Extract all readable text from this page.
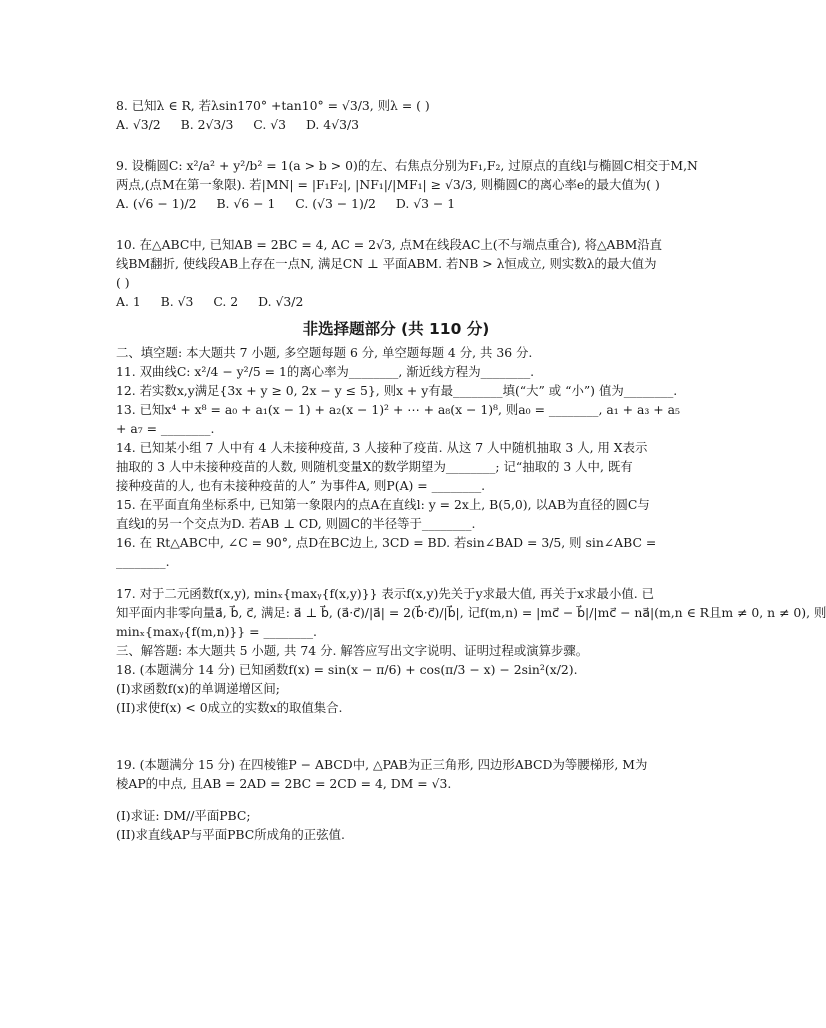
8. 已知λ ∈ R, 若λsin170° +tan10° = √3/3, 则λ = ( )
A. √3/2 B. 2√3/3 C. √3 D. 4√3/3
9. 设椭圆C: x²/a² + y²/b² = 1(a > b > 0)的左、右焦点分别为F₁,F₂, 过原点的直线l与椭圆C相交于M,N
两点,(点M在第一象限). 若|MN| = |F₁F₂|, |NF₁|/|MF₁| ≥ √3/3, 则椭圆C的离心率e的最大值为( )
A. (√6 − 1)/2 B. √6 − 1 C. (√3 − 1)/2 D. √3 − 1
10. 在△ABC中, 已知AB = 2BC = 4, AC = 2√3, 点M在线段AC上(不与端点重合), 将△ABM沿直
线BM翻折, 使线段AB上存在一点N, 满足CN ⊥ 平面ABM. 若NB > λ恒成立, 则实数λ的最大值为
( )
A. 1 B. √3 C. 2 D. √3/2
非选择题部分 (共 110 分)
二、填空题: 本大题共 7 小题, 多空题每题 6 分, 单空题每题 4 分, 共 36 分.
11. 双曲线C: x²/4 − y²/5 = 1的离心率为________, 渐近线方程为________.
12. 若实数x,y满足{3x + y ≥ 0, 2x − y ≤ 5}, 则x + y有最________填(“大” 或 “小”) 值为________.
13. 已知x⁴ + x⁸ = a₀ + a₁(x − 1) + a₂(x − 1)² + ⋯ + a₈(x − 1)⁸, 则a₀ = ________, a₁ + a₃ + a₅
+ a₇ = ________.
14. 已知某小组 7 人中有 4 人未接种疫苗, 3 人接种了疫苗. 从这 7 人中随机抽取 3 人, 用 X表示
抽取的 3 人中未接种疫苗的人数, 则随机变量X的数学期望为________; 记“抽取的 3 人中, 既有
接种疫苗的人, 也有未接种疫苗的人” 为事件A, 则P(A) = ________.
15. 在平面直角坐标系中, 已知第一象限内的点A在直线l: y = 2x上, B(5,0), 以AB为直径的圆C与
直线l的另一个交点为D. 若AB ⊥ CD, 则圆C的半径等于________.
16. 在 Rt△ABC中, ∠C = 90°, 点D在BC边上, 3CD = BD. 若sin∠BAD = 3/5, 则 sin∠ABC =
________.
17. 对于二元函数f(x,y), minₓ{maxᵧ{f(x,y)}} 表示f(x,y)先关于y求最大值, 再关于x求最小值. 已
知平面内非零向量a⃗, b⃗, c⃗, 满足: a⃗ ⊥ b⃗, (a⃗·c⃗)/|a⃗| = 2(b⃗·c⃗)/|b⃗|, 记f(m,n) = |mc⃗ − b⃗|/|mc⃗ − na⃗|(m,n ∈ R且m ≠ 0, n ≠ 0), 则
minₓ{maxᵧ{f(m,n)}} = ________.
三、解答题: 本大题共 5 小题, 共 74 分. 解答应写出文字说明、证明过程或演算步骤。
18. (本题满分 14 分) 已知函数f(x) = sin(x − π/6) + cos(π/3 − x) − 2sin²(x/2).
(I)求函数f(x)的单调递增区间;
(II)求使f(x) < 0成立的实数x的取值集合.
19. (本题满分 15 分) 在四棱锥P − ABCD中, △PAB为正三角形, 四边形ABCD为等腰梯形, M为
棱AP的中点, 且AB = 2AD = 2BC = 2CD = 4, DM = √3.
(I)求证: DM//平面PBC;
(II)求直线AP与平面PBC所成角的正弦值.
